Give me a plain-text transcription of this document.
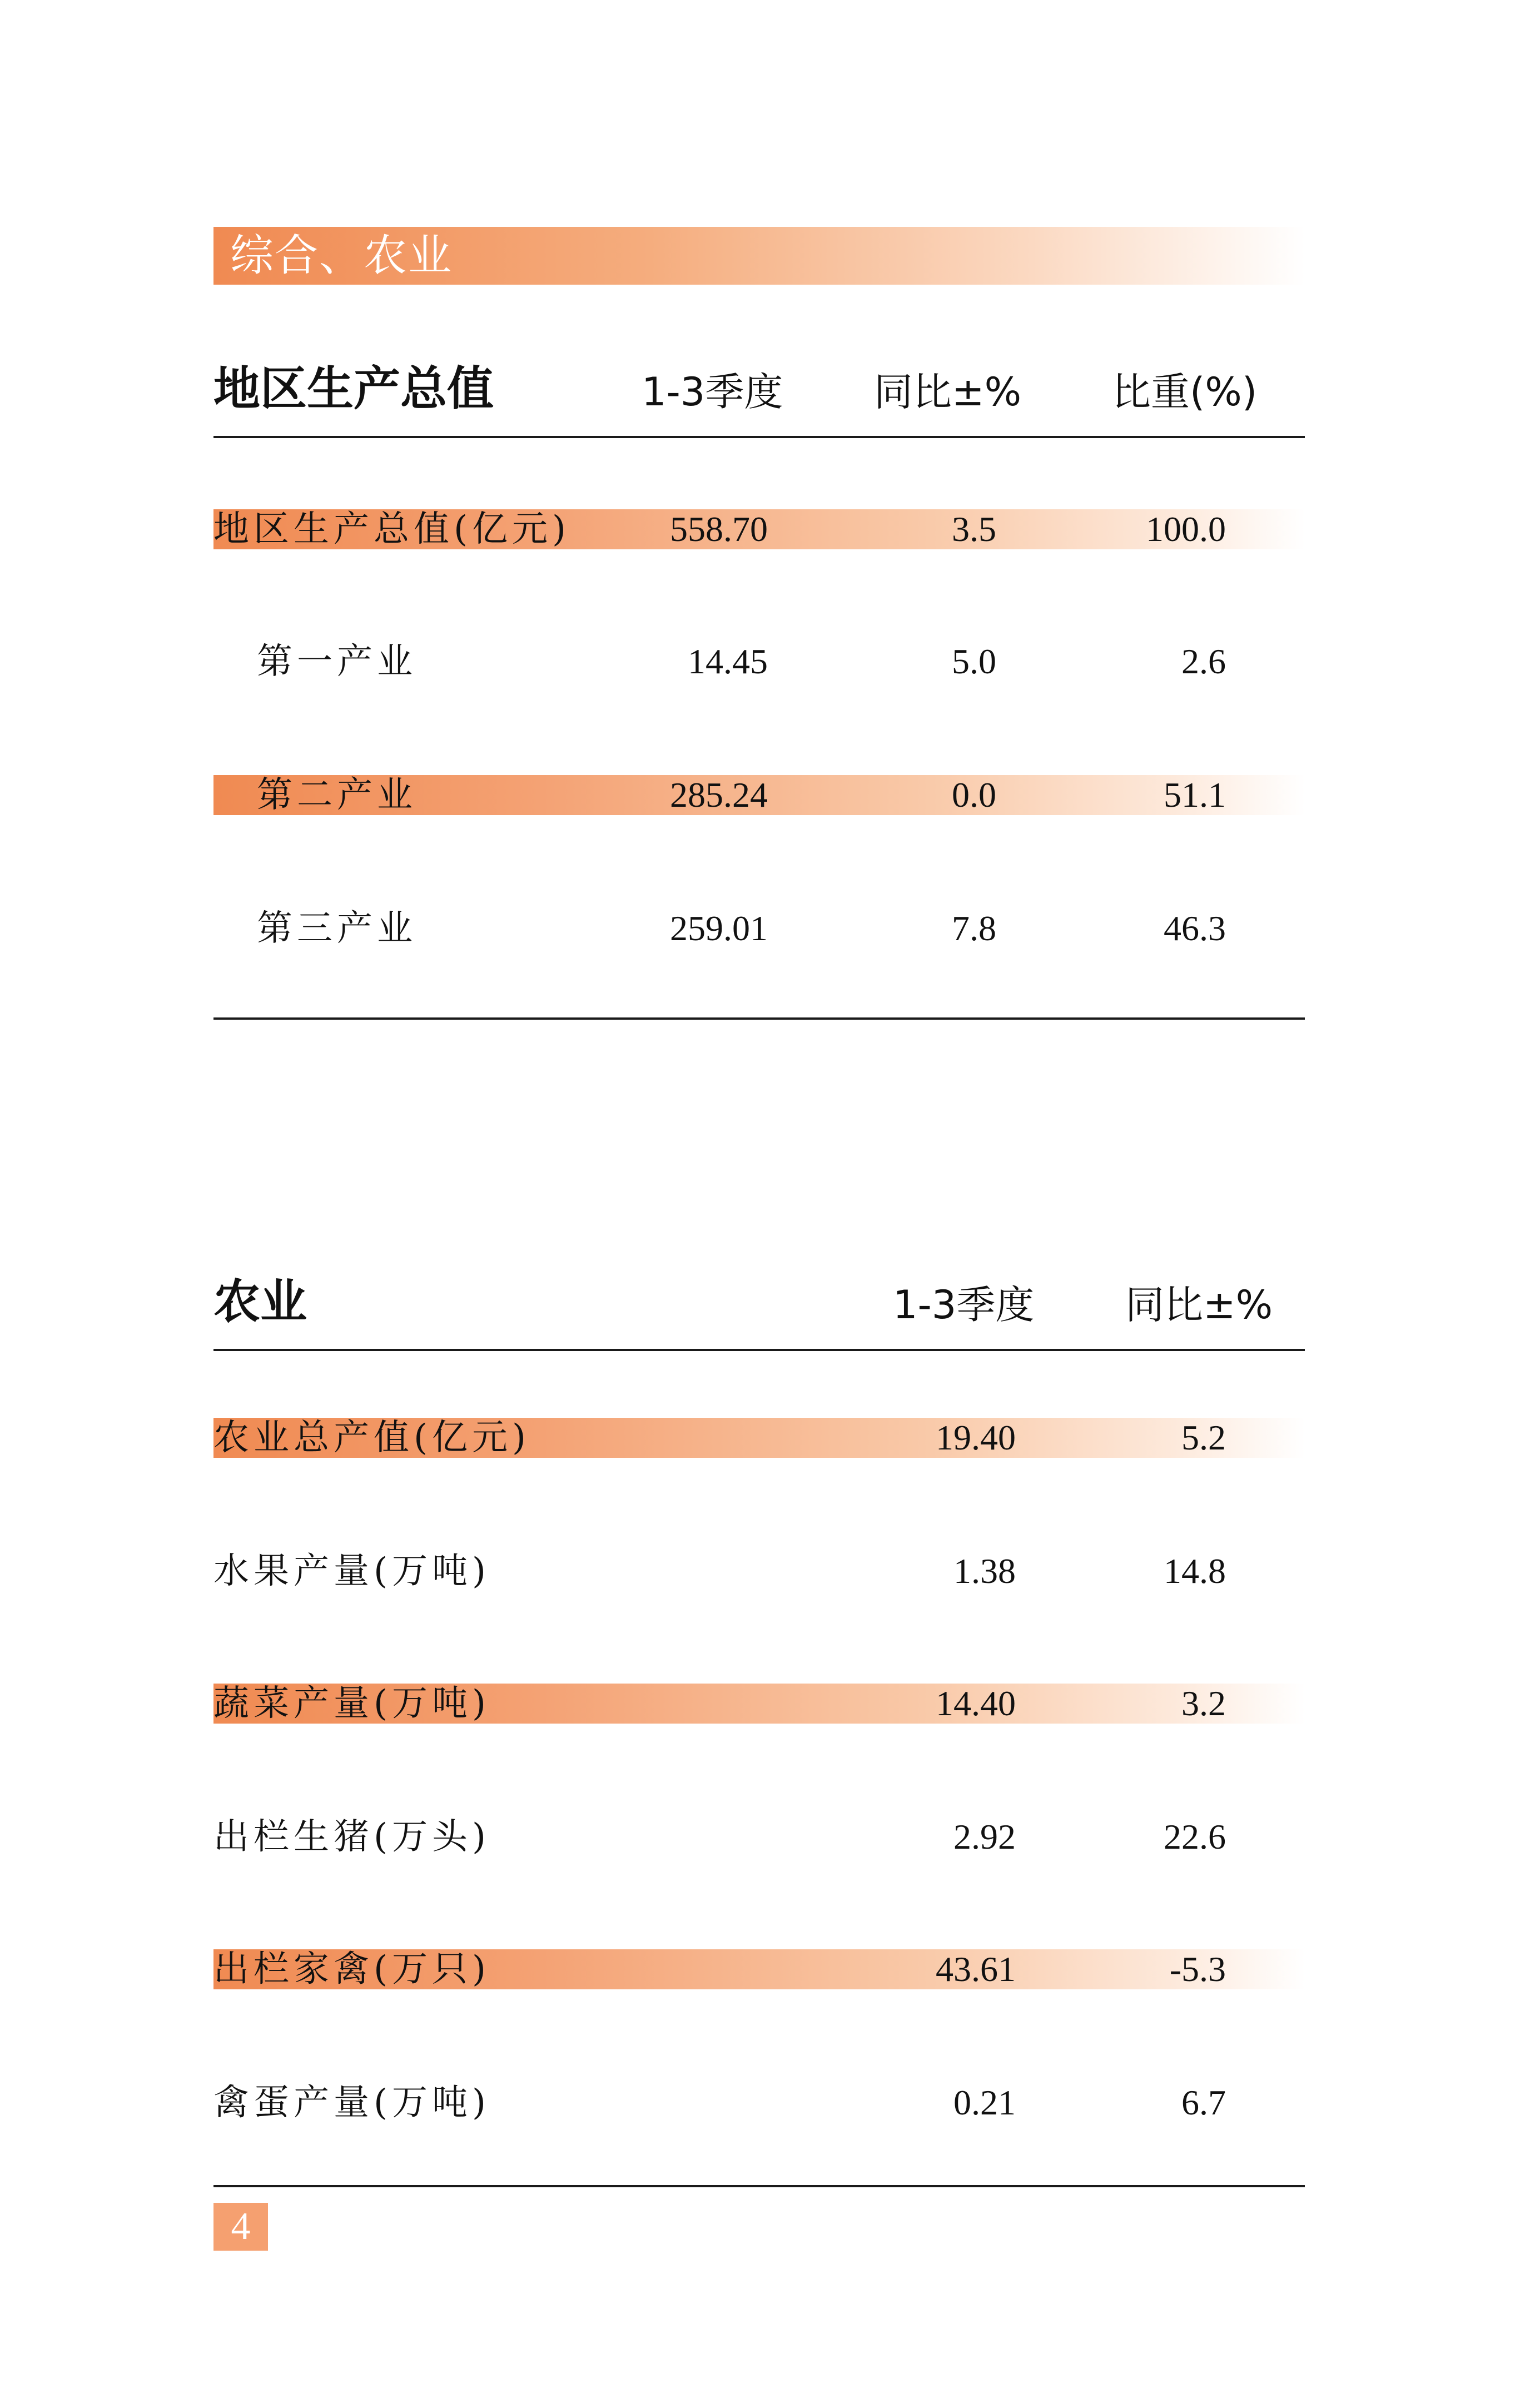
综合、农业
地区生产总值	1-3季度 同比±% 比重(%)
地区生产总值(亿元)	558.70	3.5	100.0
第一产业	14.45	5.0	2.6
第二产业	285.24	0.0	51.1
第三产业	259.01	7.8	46.3
农业	1-3季度 同比±%
农业总产值(亿元)	19.40	5.2
水果产量(万吨)	1.38	14.8
蔬菜产量(万吨)	14.40	3.2
出栏生猪(万头)	2.92	22.6
出栏家禽(万只)	43.61	-5.3
禽蛋产量(万吨)	0.21	6.7
4
